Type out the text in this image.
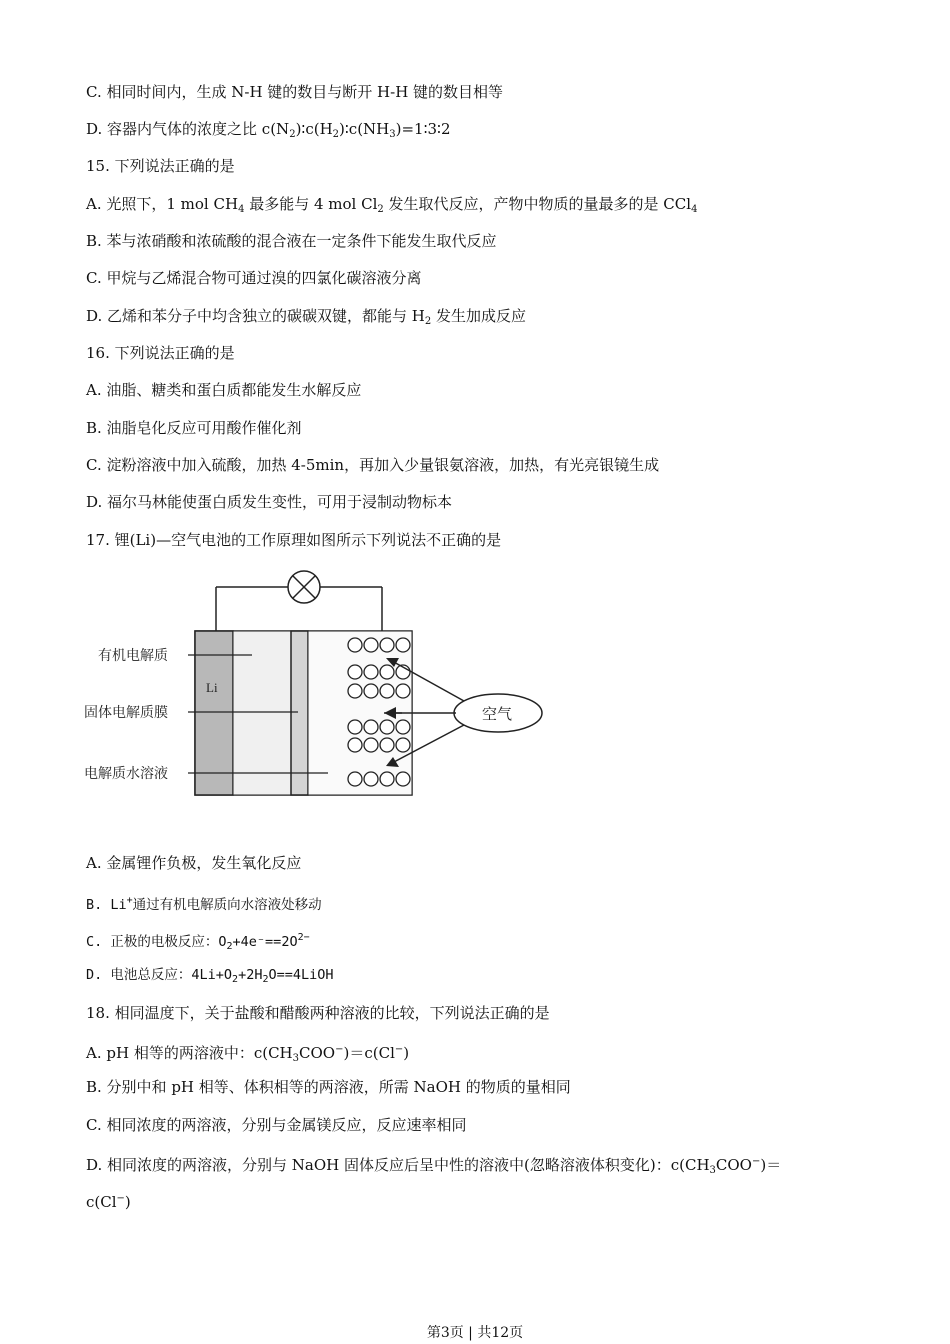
C. 相同时间内，生成 N-H 键的数目与断开 H-H 键的数目相等
D. 容器内气体的浓度之比 $c(N_2)∶c(H_2)∶c(NH_3)=1∶3∶2$
15. 下列说法正确的是
A. 光照下，1 mol $CH_4$ 最多能与 4 mol $Cl_2$ 发生取代反应，产物中物质的量最多的是 CCl$_4$
B. 苯与浓硝酸和浓硫酸的混合液在一定条件下能发生取代反应
C. 甲烷与乙烯混合物可通过溴的四氯化碳溶液分离
D. 乙烯和苯分子中均含独立的碳碳双键，都能与 $H_2$ 发生加成反应
16. 下列说法正确的是
A. 油脂、糖类和蛋白质都能发生水解反应
B. 油脂皂化反应可用酸作催化剂
C. 淀粉溶液中加入硫酸，加热 4-5min，再加入少量银氨溶液，加热，有光亮银镜生成
D. 福尔马林能使蛋白质发生变性，可用于浸制动物标本
17. 锂(Li)—空气电池的工作原理如图所示下列说法不正确的是
有机电解质
固体电解质膜
电解质水溶液
Li
空气
A. 金属锂作负极，发生氧化反应
B. Li+通过有机电解质向水溶液处移动
C. 正极的电极反应：$O_2+4e^-==2O^{2-}$
D. 电池总反应：$4Li+O_2+2H_2O==4LiOH$
18. 相同温度下，关于盐酸和醋酸两种溶液的比较，下列说法正确的是
A. pH 相等的两溶液中：$c(CH_3COO^-)=c(Cl^-)$
B. 分别中和 pH 相等、体积相等的两溶液，所需 NaOH 的物质的量相同
C. 相同浓度的两溶液，分别与金属镁反应，反应速率相同
D. 相同浓度的两溶液，分别与 NaOH 固体反应后呈中性的溶液中(忽略溶液体积变化)：$c(CH_3COO^-)=$
c(Cl−)
第3页 | 共12页
